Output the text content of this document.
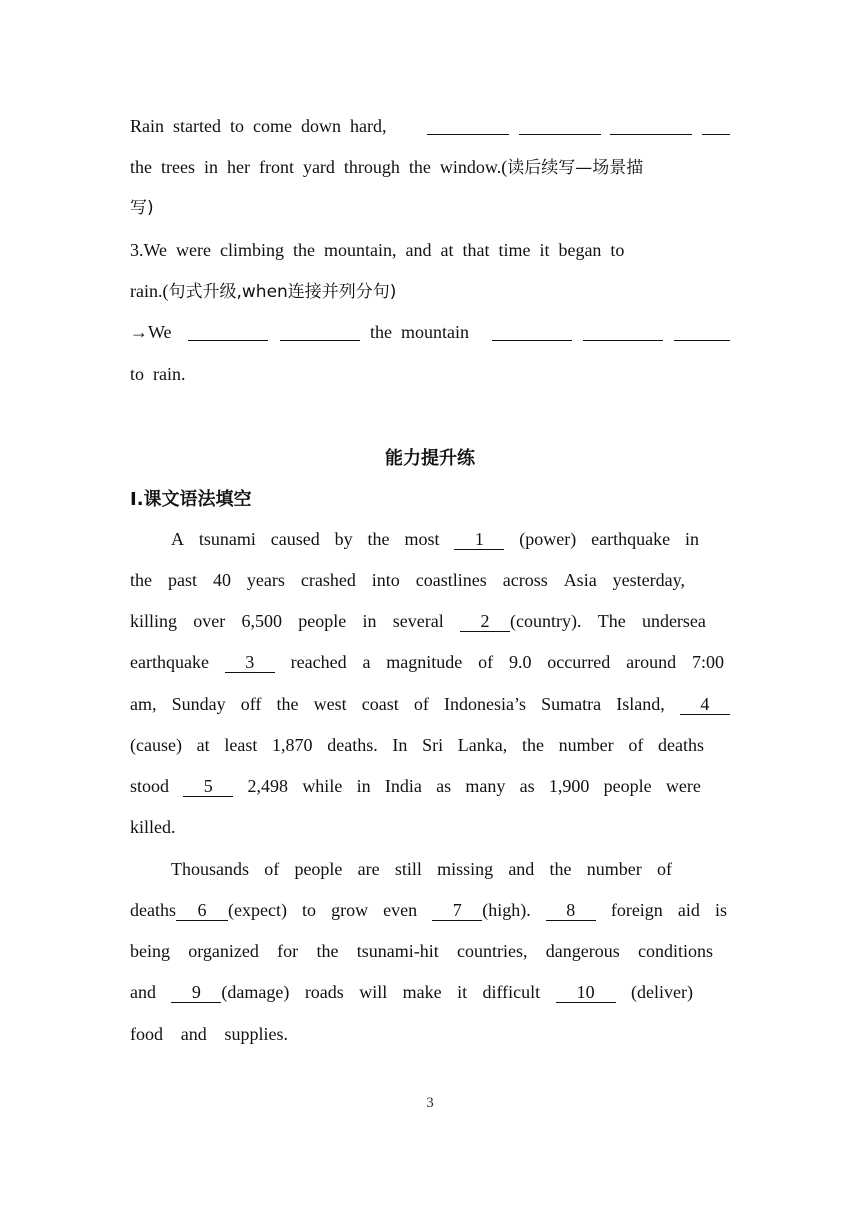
Rain  started  to  come  down  hard,
the  trees  in  her  front  yard  through  the  window.(读后续写—场景描
写)
3.We  were  climbing  the  mountain,  and  at  that  time  it  began  to
rain.(句式升级,when连接并列分句)
→We	the  mountain
to  rain.
能力提升练
Ⅰ.课文语法填空
A tsunami caused by the most	1	(power) earthquake in
the past 40 years crashed into coastlines across Asia yesterday,
killing over 6,500 people in several	2 (country). The undersea
earthquake	3	reached a magnitude of 9.0 occurred around 7:00
am, Sunday off the west coast of Indonesia’s Sumatra Island,	4
(cause) at least 1,870 deaths. In Sri Lanka, the number of deaths
stood	5	2,498 while in India as many as 1,900 people were
killed.
Thousands of people are still missing and the number of
deaths 6 (expect) to grow even	7 (high).	8	foreign aid is
being organized for the tsunami-hit countries, dangerous conditions
and	9 (damage) roads will make it difficult	10	(deliver)
food and supplies.
3
